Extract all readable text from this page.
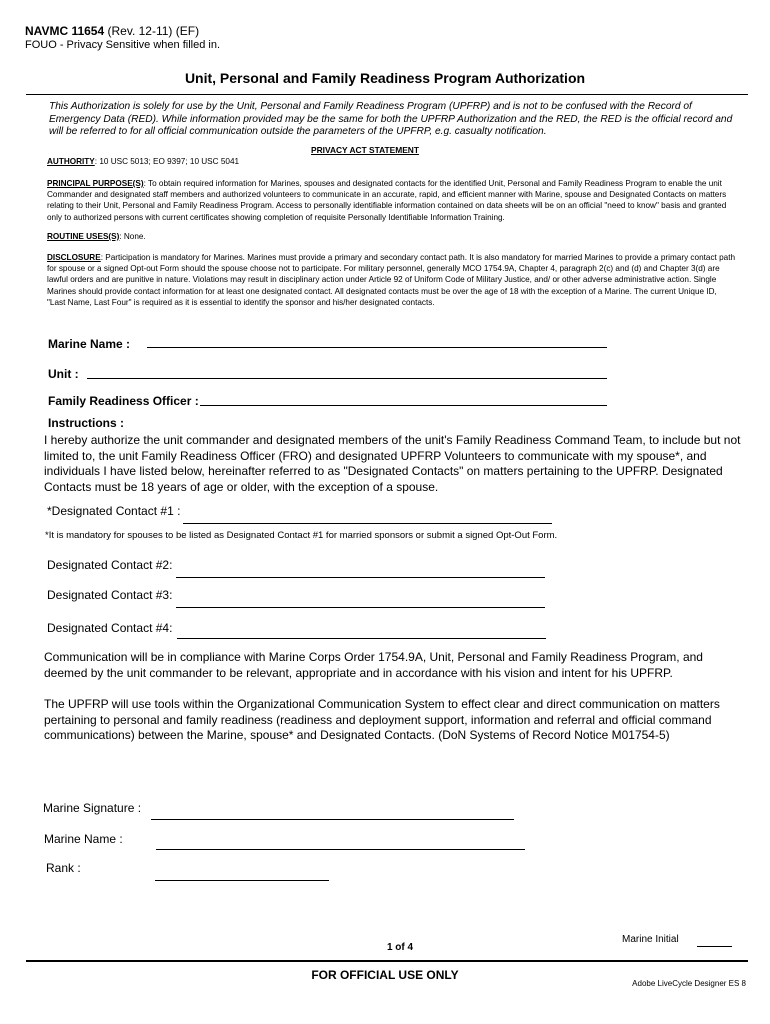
NAVMC 11654 (Rev. 12-11) (EF)
FOUO - Privacy Sensitive when filled in.
Unit, Personal and Family Readiness Program Authorization
This Authorization is solely for use by the Unit, Personal and Family Readiness Program (UPFRP) and is not to be confused with the Record of Emergency Data (RED). While information provided may be the same for both the UPFRP Authorization and the RED, the RED is the official record and will be referred to for all official communication outside the parameters of the UPFRP, e.g. casualty notification.
PRIVACY ACT STATEMENT
AUTHORITY: 10 USC 5013; EO 9397; 10 USC 5041
PRINCIPAL PURPOSE(S): To obtain required information for Marines, spouses and designated contacts for the identified Unit, Personal and Family Readiness Program to enable the unit Commander and designated staff members and authorized volunteers to communicate in an accurate, rapid, and efficient manner with Marine, spouse and Designated Contacts on matters relating to their Unit, Personal and Family Readiness Program. Access to personally identifiable information contained on data sheets will be on an official "need to know" basis and granted only to authorized persons with current certificates showing completion of requisite Personally Identifiable Information Training.
ROUTINE USES(S): None.
DISCLOSURE: Participation is mandatory for Marines. Marines must provide a primary and secondary contact path. It is also mandatory for married Marines to provide a primary contact path for spouse or a signed Opt-out Form should the spouse choose not to participate. For military personnel, generally MCO 1754.9A, Chapter 4, paragraph 2(c) and (d) and Chapter 3(d) are lawful orders and are punitive in nature. Violations may result in disciplinary action under Article 92 of Uniform Code of Military Justice, and/ or other adverse administrative action. Single Marines should provide contact information for at least one designated contact. All designated contacts must be over the age of 18 with the exception of a Marine. The current Unique ID, "Last Name, Last Four" is required as it is essential to identify the sponsor and his/her designated contacts.
Marine Name :
Unit :
Family Readiness Officer :
Instructions :
I hereby authorize the unit commander and designated members of the unit's Family Readiness Command Team, to include but not limited to, the unit Family Readiness Officer (FRO) and designated UPFRP Volunteers to communicate with my spouse*, and individuals I have listed below, hereinafter referred to as "Designated Contacts" on matters pertaining to the UPFRP. Designated Contacts must be 18 years of age or older, with the exception of a spouse.
*Designated Contact #1 :
*It is mandatory for spouses to be listed as Designated Contact #1 for married sponsors or submit a signed Opt-Out Form.
Designated Contact #2:
Designated Contact #3:
Designated Contact #4:
Communication will be in compliance with Marine Corps Order 1754.9A, Unit, Personal and Family Readiness Program, and deemed by the unit commander to be relevant, appropriate and in accordance with his vision and intent for his UPFRP.
The UPFRP will use tools within the Organizational Communication System to effect clear and direct communication on matters pertaining to personal and family readiness (readiness and deployment support, information and referral and official command communications) between the Marine, spouse* and Designated Contacts. (DoN Systems of Record Notice M01754-5)
Marine Signature :
Marine Name :
Rank :
Marine Initial
1 of 4
FOR OFFICIAL USE ONLY
Adobe LiveCycle Designer ES 8
